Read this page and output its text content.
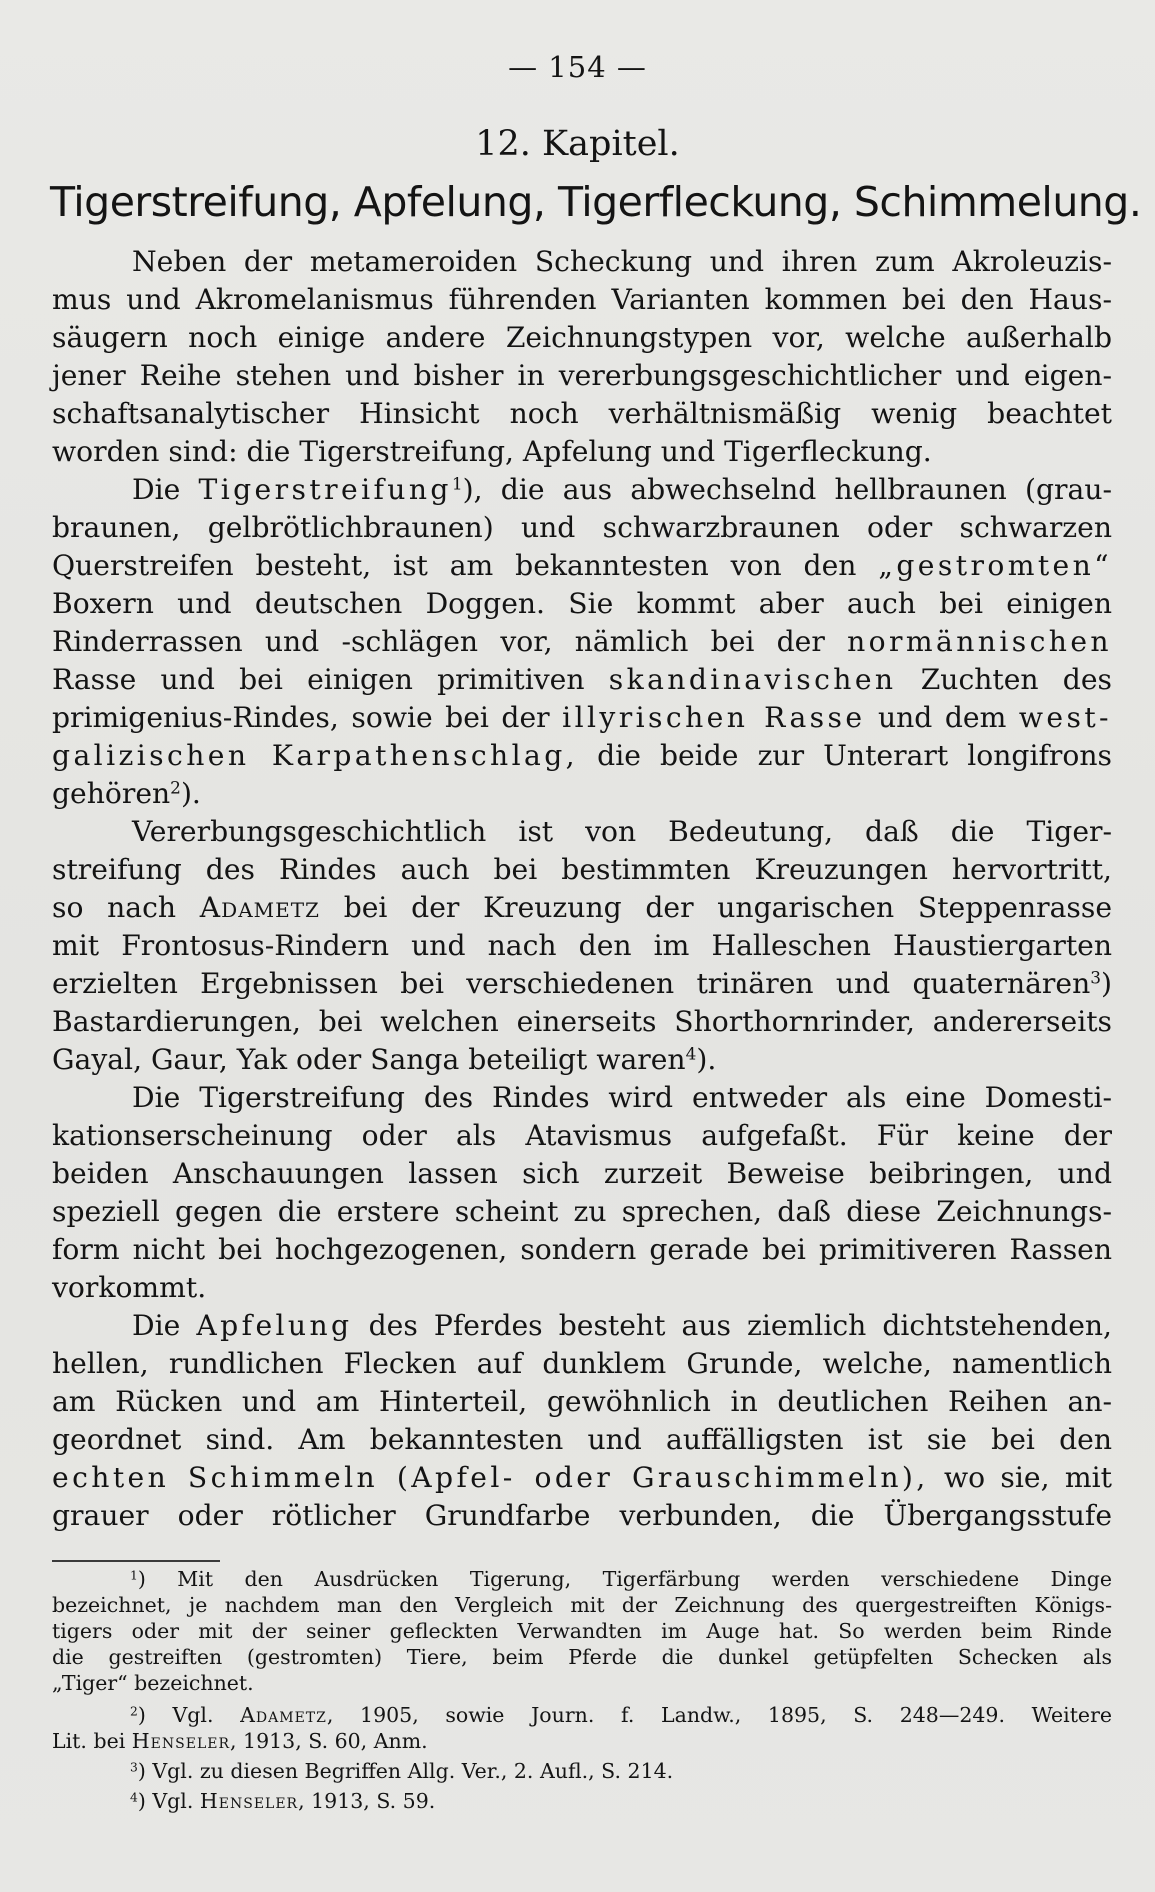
— 154 —
12. Kapitel.
Tigerstreifung, Apfelung, Tigerfleckung, Schimmelung.
Neben der metameroiden Scheckung und ihren zum Akroleuzis-
mus und Akromelanismus führenden Varianten kommen bei den Haus-
säugern noch einige andere Zeichnungstypen vor, welche außerhalb
jener Reihe stehen und bisher in vererbungsgeschichtlicher und eigen-
schaftsanalytischer Hinsicht noch verhältnismäßig wenig beachtet
worden sind: die Tigerstreifung, Apfelung und Tigerfleckung.
Die Tigerstreifung$^1$), die aus abwechselnd hellbraunen (grau-
braunen, gelbrötlichbraunen) und schwarzbraunen oder schwarzen
Querstreifen besteht, ist am bekanntesten von den „gestromten“
Boxern und deutschen Doggen. Sie kommt aber auch bei einigen
Rinderrassen und -schlägen vor, nämlich bei der normännischen
Rasse und bei einigen primitiven skandinavischen Zuchten des
primigenius-Rindes, sowie bei der illyrischen Rasse und dem west-
galizischen Karpathenschlag, die beide zur Unterart longifrons
gehören$^2$).
Vererbungsgeschichtlich ist von Bedeutung, daß die Tiger-
streifung des Rindes auch bei bestimmten Kreuzungen hervortritt,
so nach Adametz bei der Kreuzung der ungarischen Steppenrasse
mit Frontosus-Rindern und nach den im Halleschen Haustiergarten
erzielten Ergebnissen bei verschiedenen trinären und quaternären$^3$)
Bastardierungen, bei welchen einerseits Shorthornrinder, andererseits
Gayal, Gaur, Yak oder Sanga beteiligt waren$^4$).
Die Tigerstreifung des Rindes wird entweder als eine Domesti-
kationserscheinung oder als Atavismus aufgefaßt. Für keine der
beiden Anschauungen lassen sich zurzeit Beweise beibringen, und
speziell gegen die erstere scheint zu sprechen, daß diese Zeichnungs-
form nicht bei hochgezogenen, sondern gerade bei primitiveren Rassen
vorkommt.
Die Apfelung des Pferdes besteht aus ziemlich dichtstehenden,
hellen, rundlichen Flecken auf dunklem Grunde, welche, namentlich
am Rücken und am Hinterteil, gewöhnlich in deutlichen Reihen an-
geordnet sind. Am bekanntesten und auffälligsten ist sie bei den
echten Schimmeln (Apfel- oder Grauschimmeln), wo sie, mit
grauer oder rötlicher Grundfarbe verbunden, die Übergangsstufe
$^1$) Mit den Ausdrücken Tigerung, Tigerfärbung werden verschiedene Dinge
bezeichnet, je nachdem man den Vergleich mit der Zeichnung des quergestreiften Königs-
tigers oder mit der seiner gefleckten Verwandten im Auge hat. So werden beim Rinde
die gestreiften (gestromten) Tiere, beim Pferde die dunkel getüpfelten Schecken als
„Tiger“ bezeichnet.
$^2$) Vgl. Adametz, 1905, sowie Journ. f. Landw., 1895, S. 248—249. Weitere
Lit. bei Henseler, 1913, S. 60, Anm.
$^3$) Vgl. zu diesen Begriffen Allg. Ver., 2. Aufl., S. 214.
$^4$) Vgl. Henseler, 1913, S. 59.
